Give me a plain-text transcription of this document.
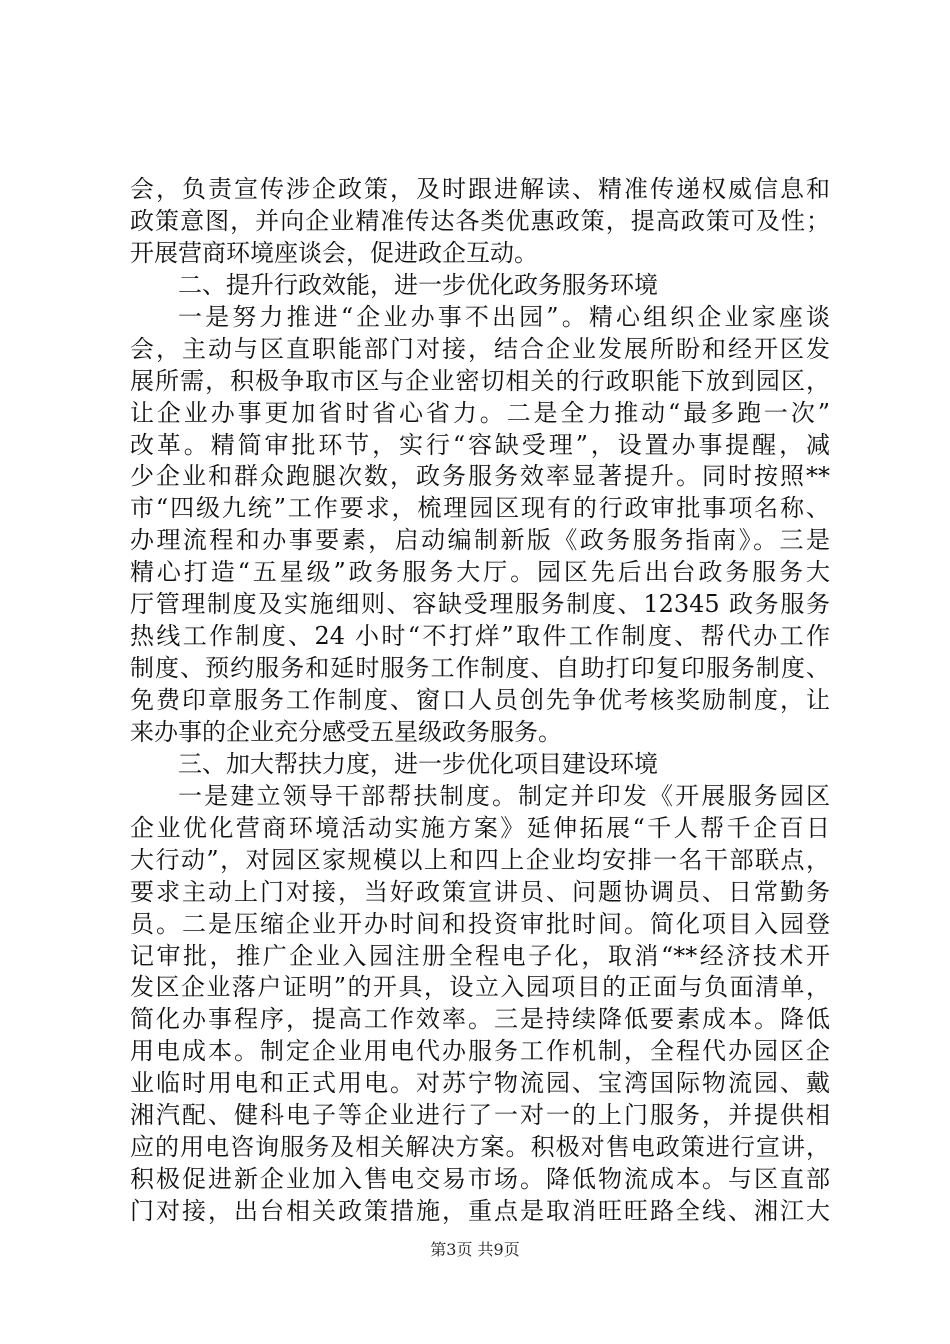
会，负责宣传涉企政策，及时跟进解读、精准传递权威信息和
政策意图，并向企业精准传达各类优惠政策，提高政策可及性；
开展营商环境座谈会，促进政企互动。
二、提升行政效能，进一步优化政务服务环境
一是努力推进“企业办事不出园”。精心组织企业家座谈
会，主动与区直职能部门对接，结合企业发展所盼和经开区发
展所需，积极争取市区与企业密切相关的行政职能下放到园区，
让企业办事更加省时省心省力。二是全力推动“最多跑一次”
改革。精简审批环节，实行“容缺受理”，设置办事提醒，减
少企业和群众跑腿次数，政务服务效率显著提升。同时按照**
市“四级九统”工作要求，梳理园区现有的行政审批事项名称、
办理流程和办事要素，启动编制新版《政务服务指南》。三是
精心打造“五星级”政务服务大厅。园区先后出台政务服务大
厅管理制度及实施细则、容缺受理服务制度、12345 政务服务
热线工作制度、24 小时“不打烊”取件工作制度、帮代办工作
制度、预约服务和延时服务工作制度、自助打印复印服务制度、
免费印章服务工作制度、窗口人员创先争优考核奖励制度，让
来办事的企业充分感受五星级政务服务。
三、加大帮扶力度，进一步优化项目建设环境
一是建立领导干部帮扶制度。制定并印发《开展服务园区
企业优化营商环境活动实施方案》延伸拓展“千人帮千企百日
大行动”，对园区家规模以上和四上企业均安排一名干部联点，
要求主动上门对接，当好政策宣讲员、问题协调员、日常勤务
员。二是压缩企业开办时间和投资审批时间。简化项目入园登
记审批，推广企业入园注册全程电子化，取消“**经济技术开
发区企业落户证明”的开具，设立入园项目的正面与负面清单，
简化办事程序，提高工作效率。三是持续降低要素成本。降低
用电成本。制定企业用电代办服务工作机制，全程代办园区企
业临时用电和正式用电。对苏宁物流园、宝湾国际物流园、戴
湘汽配、健科电子等企业进行了一对一的上门服务，并提供相
应的用电咨询服务及相关解决方案。积极对售电政策进行宣讲，
积极促进新企业加入售电交易市场。降低物流成本。与区直部
门对接，出台相关政策措施，重点是取消旺旺路全线、湘江大
第3页 共9页
